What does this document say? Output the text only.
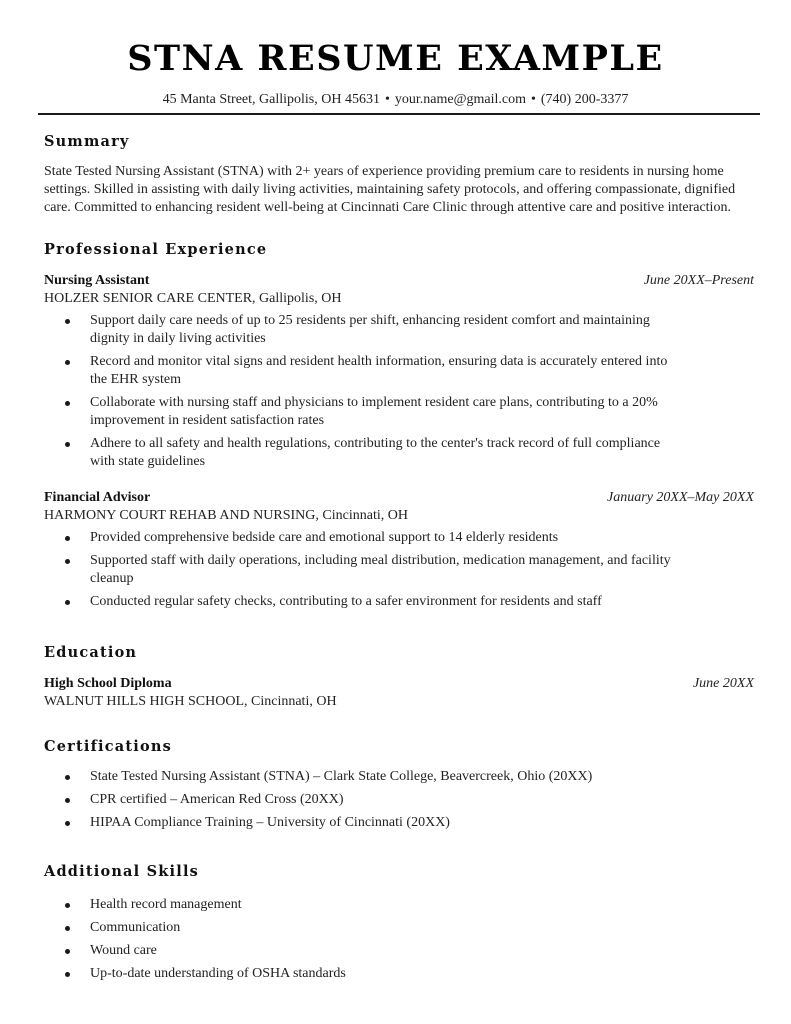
STNA RESUME EXAMPLE
45 Manta Street, Gallipolis, OH 45631 • your.name@gmail.com • (740) 200-3377
Summary

State Tested Nursing Assistant (STNA) with 2+ years of experience providing premium care to residents in nursing home settings. Skilled in assisting with daily living activities, maintaining safety protocols, and offering compassionate, dignified care. Committed to enhancing resident well-being at Cincinnati Care Clinic through attentive care and positive interaction.

Professional Experience
Nursing Assistant	June 20XX–Present
HOLZER SENIOR CARE CENTER, Gallipolis, OH
Support daily care needs of up to 25 residents per shift, enhancing resident comfort and maintaining dignity in daily living activities
Record and monitor vital signs and resident health information, ensuring data is accurately entered into the EHR system
Collaborate with nursing staff and physicians to implement resident care plans, contributing to a 20% improvement in resident satisfaction rates
Adhere to all safety and health regulations, contributing to the center's track record of full compliance with state guidelines
Financial Advisor	January 20XX–May 20XX
HARMONY COURT REHAB AND NURSING, Cincinnati, OH
Provided comprehensive bedside care and emotional support to 14 elderly residents
Supported staff with daily operations, including meal distribution, medication management, and facility cleanup
Conducted regular safety checks, contributing to a safer environment for residents and staff
Education
High School Diploma	June 20XX
WALNUT HILLS HIGH SCHOOL, Cincinnati, OH
Certifications
State Tested Nursing Assistant (STNA) – Clark State College, Beavercreek, Ohio (20XX)
CPR certified – American Red Cross (20XX)
HIPAA Compliance Training – University of Cincinnati (20XX)
Additional Skills
Health record management
Communication
Wound care
Up-to-date understanding of OSHA standards
